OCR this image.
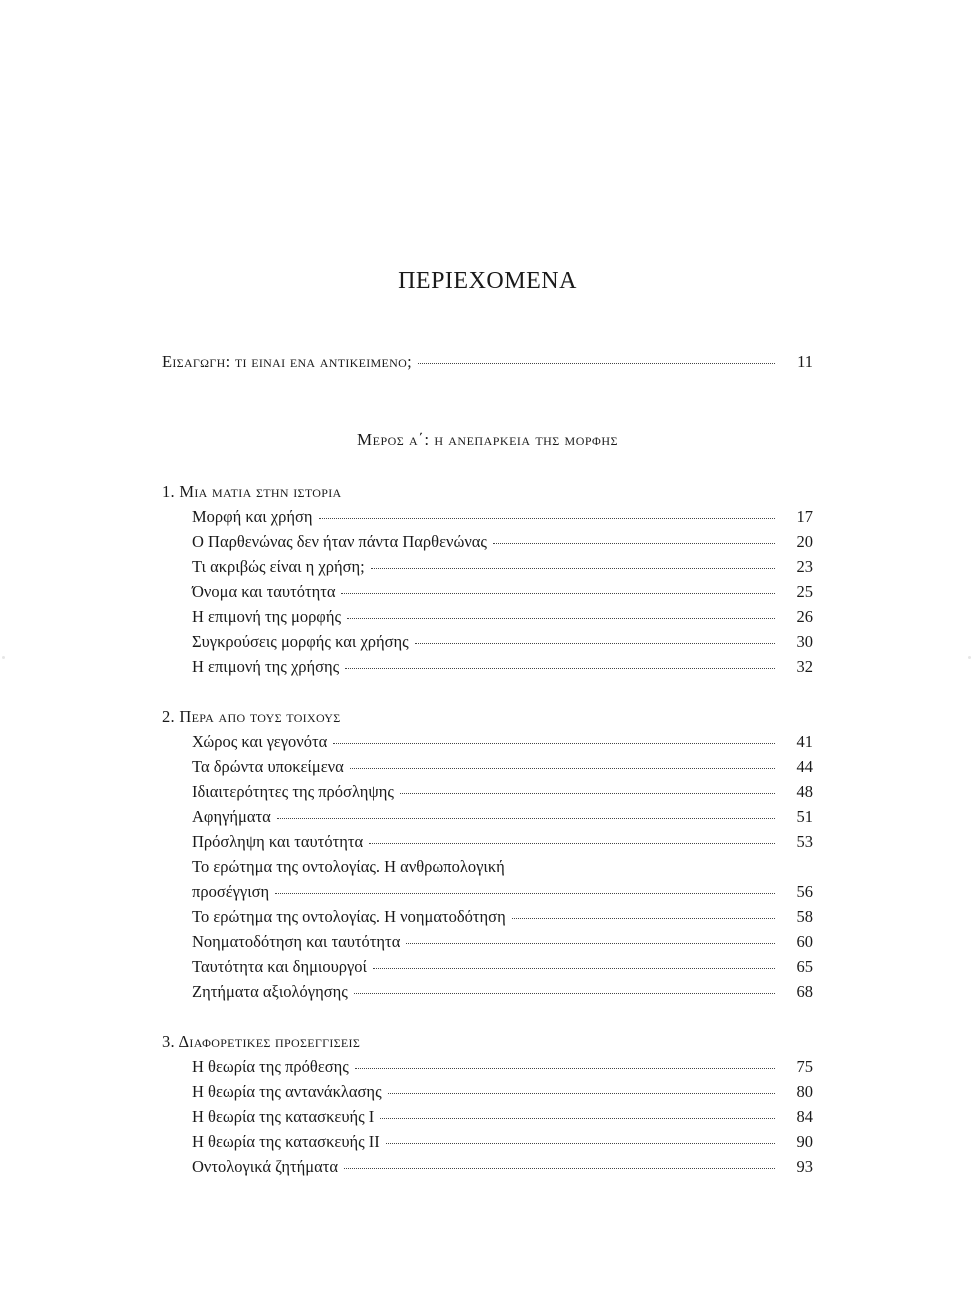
ΠΕΡΙΕΧΟΜΕΝΑ
Εισαγωγη: τι ειναι ενα αντικειμενο;	11
Μερος α΄: η ανεπαρκεια της μορφης
1. Μια ματια στην ιστορια
Μορφή και χρήση	17
Ο Παρθενώνας δεν ήταν πάντα Παρθενώνας	20
Τι ακριβώς είναι η χρήση;	23
Όνομα και ταυτότητα	25
Η επιμονή της μορφής	26
Συγκρούσεις μορφής και χρήσης	30
Η επιμονή της χρήσης	32
2. Περα απο τους τοιχους
Χώρος και γεγονότα	41
Τα δρώντα υποκείμενα	44
Ιδιαιτερότητες της πρόσληψης	48
Αφηγήματα	51
Πρόσληψη και ταυτότητα	53
Το ερώτημα της οντολογίας. Η ανθρωπολογική
προσέγγιση	56
Το ερώτημα της οντολογίας. Η νοηματοδότηση	58
Νοηματοδότηση και ταυτότητα	60
Ταυτότητα και δημιουργοί	65
Ζητήματα αξιολόγησης	68
3. Διαφορετικες προσεγγισεις
Η θεωρία της πρόθεσης	75
Η θεωρία της αντανάκλασης	80
Η θεωρία της κατασκευής Ι	84
Η θεωρία της κατασκευής ΙΙ	90
Οντολογικά ζητήματα	93
